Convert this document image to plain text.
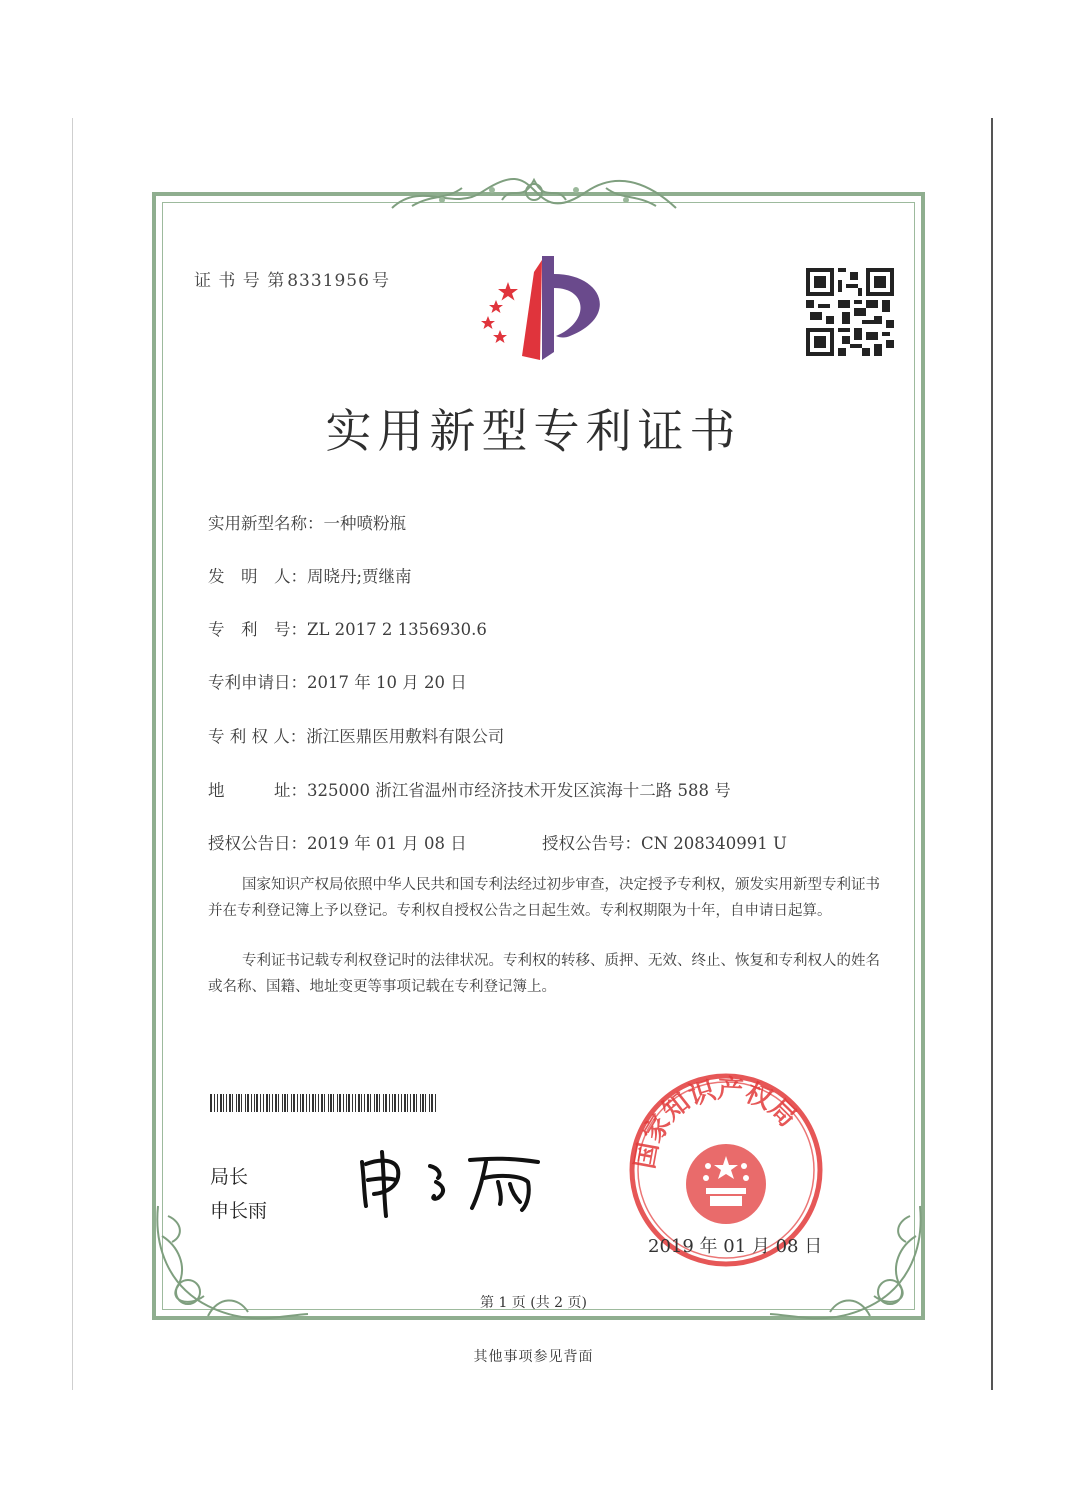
证 书 号 第 8331956 号
实用新型专利证书
实用新型名称：一种喷粉瓶
发　明　人：周晓丹;贾继南
专　利　号：ZL 2017 2 1356930.6
专利申请日：2017 年 10 月 20 日
专 利 权 人：浙江医鼎医用敷料有限公司
地　　　址：325000 浙江省温州市经济技术开发区滨海十二路 588 号
授权公告日：2019 年 01 月 08 日	授权公告号：CN 208340991 U
国家知识产权局依照中华人民共和国专利法经过初步审查，决定授予专利权，颁发实用新型专利证书并在专利登记簿上予以登记。专利权自授权公告之日起生效。专利权期限为十年，自申请日起算。
专利证书记载专利权登记时的法律状况。专利权的转移、质押、无效、终止、恢复和专利权人的姓名或名称、国籍、地址变更等事项记载在专利登记簿上。
局长
申长雨
国家知识产权局
2019 年 01 月 08 日
第 1 页 (共 2 页)
其他事项参见背面
